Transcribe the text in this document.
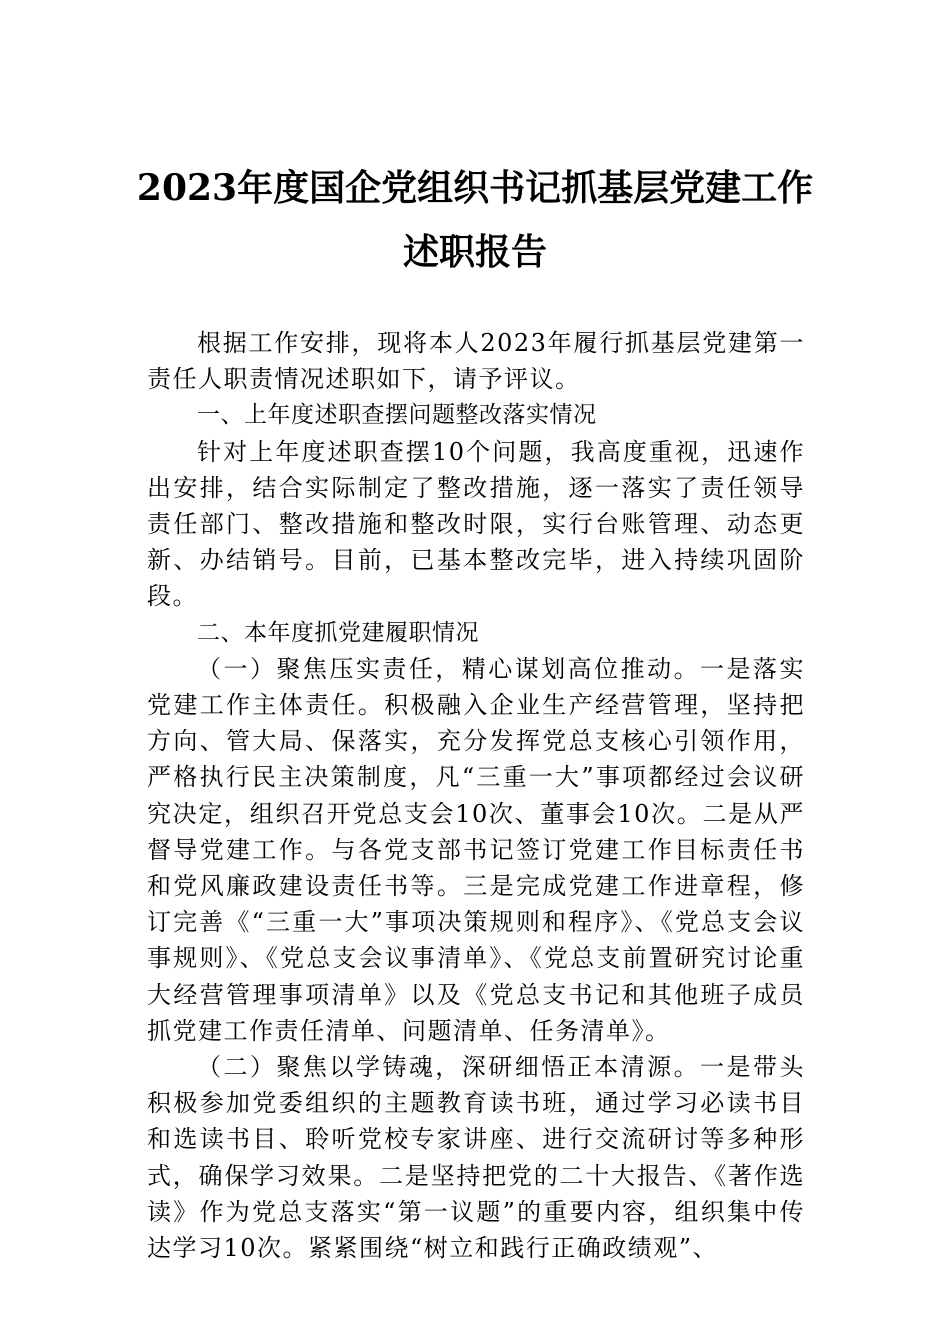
2023年度国企党组织书记抓基层党建工作
述职报告

根据工作安排，现将本人2023年履行抓基层党建第一责任人职责情况述职如下，请予评议。

一、上年度述职查摆问题整改落实情况

针对上年度述职查摆10个问题，我高度重视，迅速作出安排，结合实际制定了整改措施，逐一落实了责任领导责任部门、整改措施和整改时限，实行台账管理、动态更新、办结销号。目前，已基本整改完毕，进入持续巩固阶段。

二、本年度抓党建履职情况

（一）聚焦压实责任，精心谋划高位推动。一是落实党建工作主体责任。积极融入企业生产经营管理，坚持把方向、管大局、保落实，充分发挥党总支核心引领作用，严格执行民主决策制度，凡“三重一大”事项都经过会议研究决定，组织召开党总支会10次、董事会10次。二是从严督导党建工作。与各党支部书记签订党建工作目标责任书和党风廉政建设责任书等。三是完成党建工作进章程，修订完善《“三重一大”事项决策规则和程序》、《党总支会议事规则》、《党总支会议事清单》、《党总支前置研究讨论重大经营管理事项清单》以及《党总支书记和其他班子成员抓党建工作责任清单、问题清单、任务清单》。

（二）聚焦以学铸魂，深研细悟正本清源。一是带头积极参加党委组织的主题教育读书班，通过学习必读书目和选读书目、聆听党校专家讲座、进行交流研讨等多种形式，确保学习效果。二是坚持把党的二十大报告、《著作选读》作为党总支落实“第一议题”的重要内容，组织集中传达学习10次。紧紧围绕“树立和践行正确政绩观”、
